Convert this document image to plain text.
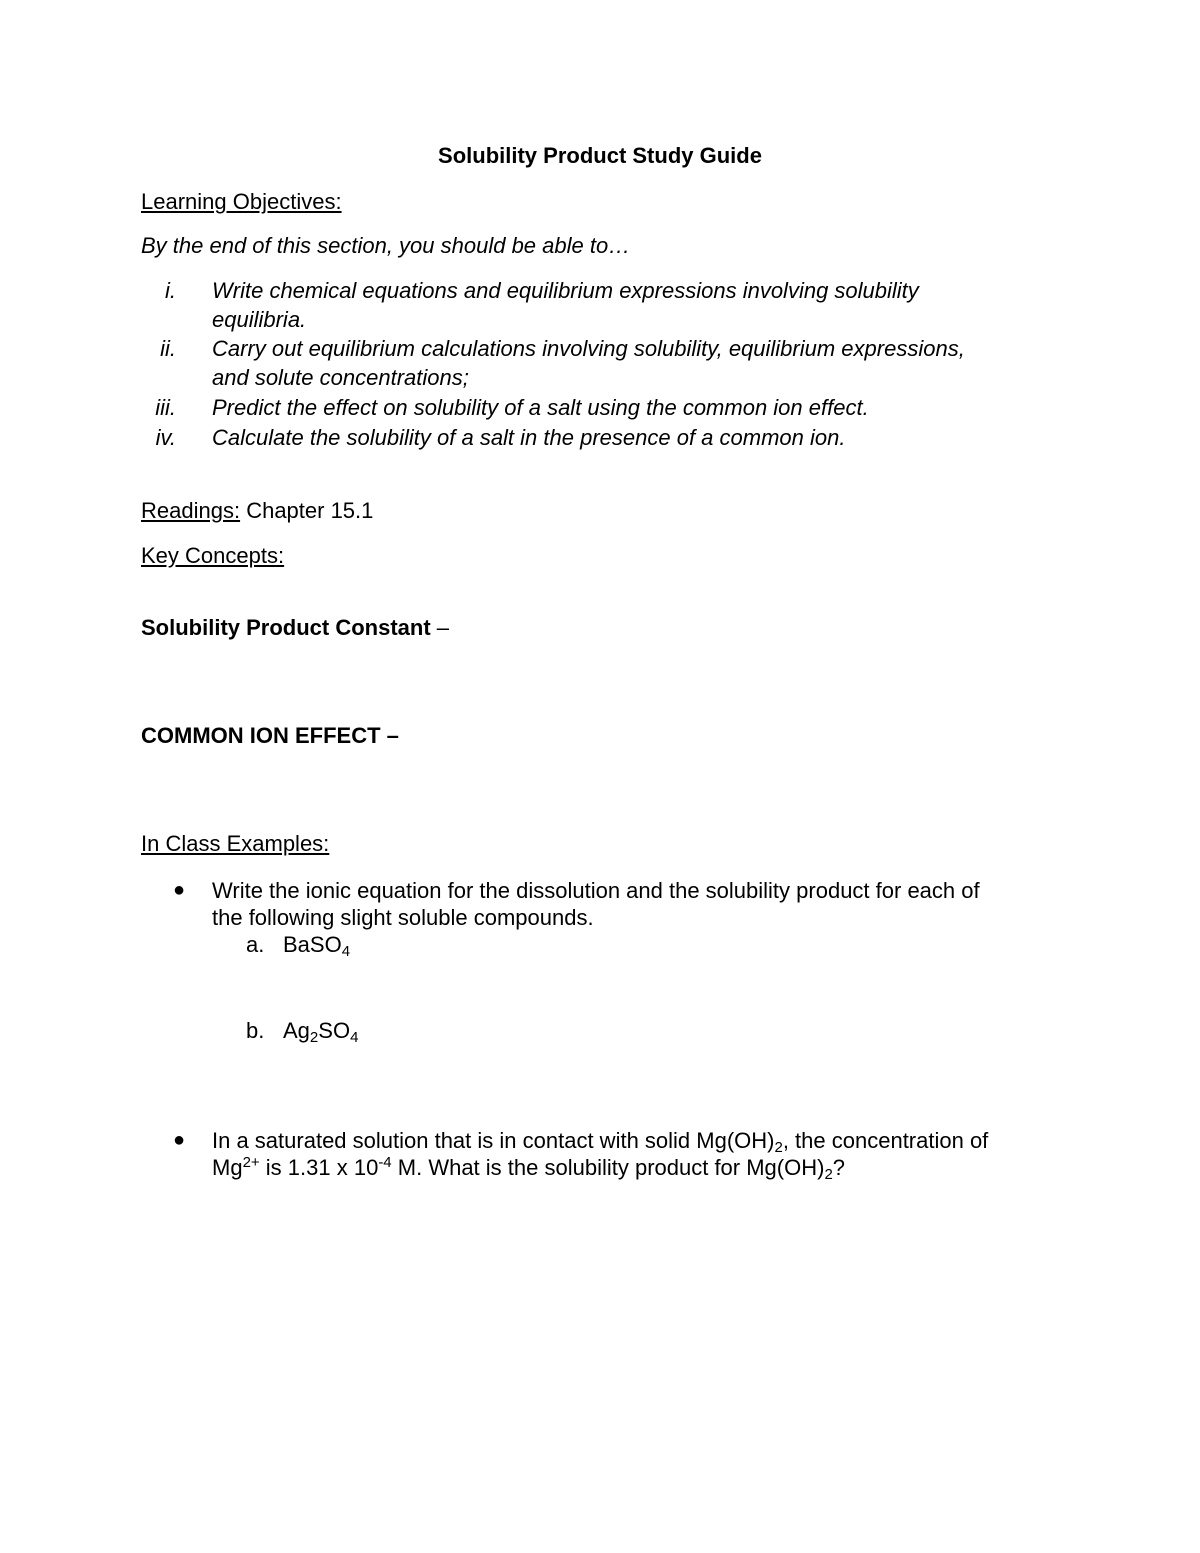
Solubility Product Study Guide
Learning Objectives:
By the end of this section, you should be able to…
i. Write chemical equations and equilibrium expressions involving solubility
equilibria.
ii. Carry out equilibrium calculations involving solubility, equilibrium expressions,
and solute concentrations;
iii. Predict the effect on solubility of a salt using the common ion effect.
iv. Calculate the solubility of a salt in the presence of a common ion.
Readings: Chapter 15.1
Key Concepts:
Solubility Product Constant –
COMMON ION EFFECT –
In Class Examples:
● Write the ionic equation for the dissolution and the solubility product for each of
the following slight soluble compounds.
a. BaSO$_4$
b. $Ag_2SO_4$
● In a saturated solution that is in contact with solid $Mg(OH)_2$, the concentration of
$Mg^{2+}$ is 1.31 x $10^{-4}$ M. What is the solubility product for $Mg(OH)_2$?
